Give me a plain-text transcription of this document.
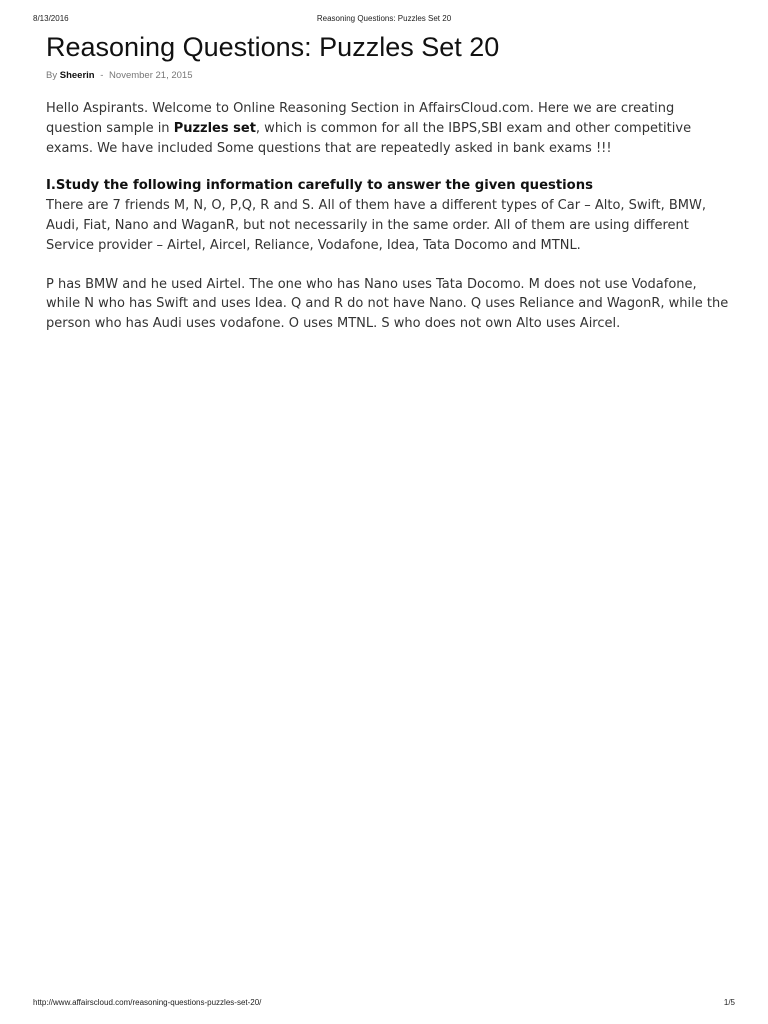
8/13/2016	Reasoning Questions: Puzzles Set 20
Reasoning Questions: Puzzles Set 20
By Sheerin - November 21, 2015

Hello Aspirants. Welcome to Online Reasoning Section in AffairsCloud.com. Here we are creating question sample in Puzzles set, which is common for all the IBPS,SBI exam and other competitive exams. We have included Some questions that are repeatedly asked in bank exams !!!

I.Study the following information carefully to answer the given questions

There are 7 friends M, N, O, P,Q, R and S. All of them have a different types of Car – Alto, Swift, BMW, Audi, Fiat, Nano and WaganR, but not necessarily in the same order. All of them are using different Service provider – Airtel, Aircel, Reliance, Vodafone, Idea, Tata Docomo and MTNL.

P has BMW and he used Airtel. The one who has Nano uses Tata Docomo. M does not use Vodafone, while N who has Swift and uses Idea. Q and R do not have Nano. Q uses Reliance and WagonR, while the person who has Audi uses vodafone. O uses MTNL. S who does not own Alto uses Aircel.

http://www.affairscloud.com/reasoning-questions-puzzles-set-20/	1/5
